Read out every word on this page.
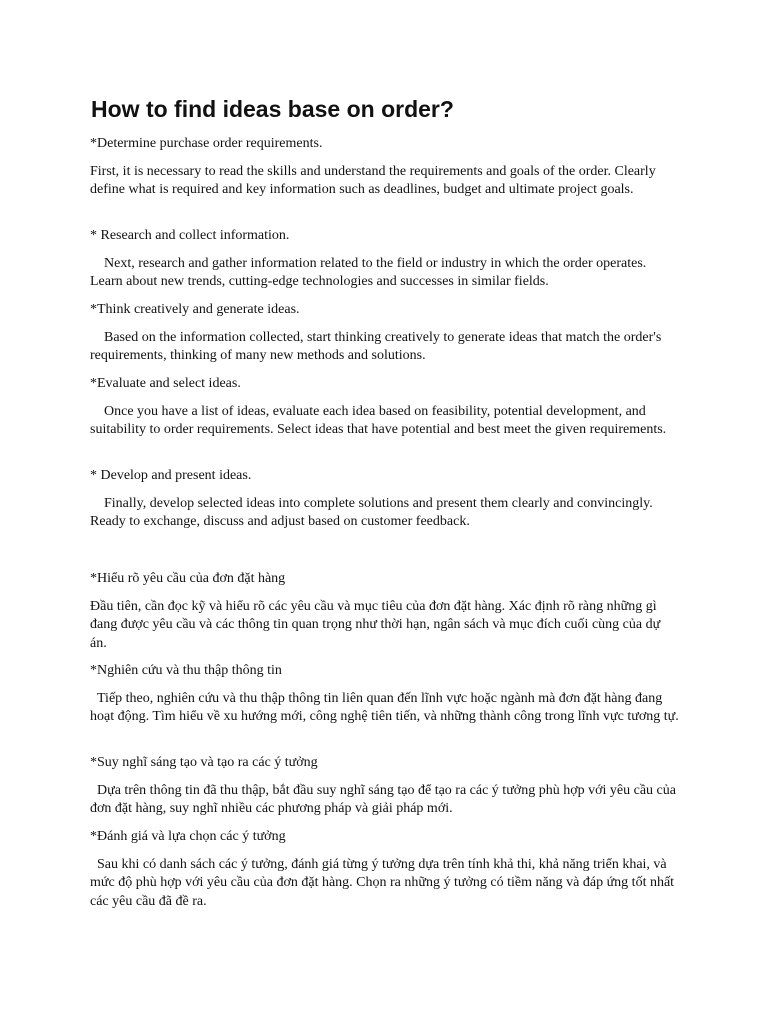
How to find ideas base on order?

*Determine purchase order requirements.

First, it is necessary to read the skills and understand the requirements and goals of the order. Clearly define what is required and key information such as deadlines, budget and ultimate project goals.

* Research and collect information.

Next, research and gather information related to the field or industry in which the order operates. Learn about new trends, cutting-edge technologies and successes in similar fields.

*Think creatively and generate ideas.

Based on the information collected, start thinking creatively to generate ideas that match the order's requirements, thinking of many new methods and solutions.

*Evaluate and select ideas.

Once you have a list of ideas, evaluate each idea based on feasibility, potential development, and suitability to order requirements. Select ideas that have potential and best meet the given requirements.

* Develop and present ideas.

Finally, develop selected ideas into complete solutions and present them clearly and convincingly. Ready to exchange, discuss and adjust based on customer feedback.

*Hiểu rõ yêu cầu của đơn đặt hàng

Đầu tiên, cần đọc kỹ và hiểu rõ các yêu cầu và mục tiêu của đơn đặt hàng. Xác định rõ ràng những gì đang được yêu cầu và các thông tin quan trọng như thời hạn, ngân sách và mục đích cuối cùng của dự án.

*Nghiên cứu và thu thập thông tin

Tiếp theo, nghiên cứu và thu thập thông tin liên quan đến lĩnh vực hoặc ngành mà đơn đặt hàng đang hoạt động. Tìm hiểu về xu hướng mới, công nghệ tiên tiến, và những thành công trong lĩnh vực tương tự.

*Suy nghĩ sáng tạo và tạo ra các ý tưởng

Dựa trên thông tin đã thu thập, bắt đầu suy nghĩ sáng tạo để tạo ra các ý tưởng phù hợp với yêu cầu của đơn đặt hàng, suy nghĩ nhiều các phương pháp và giải pháp mới.

*Đánh giá và lựa chọn các ý tưởng

Sau khi có danh sách các ý tưởng, đánh giá từng ý tưởng dựa trên tính khả thi, khả năng triển khai, và mức độ phù hợp với yêu cầu của đơn đặt hàng. Chọn ra những ý tưởng có tiềm năng và đáp ứng tốt nhất các yêu cầu đã đề ra.
